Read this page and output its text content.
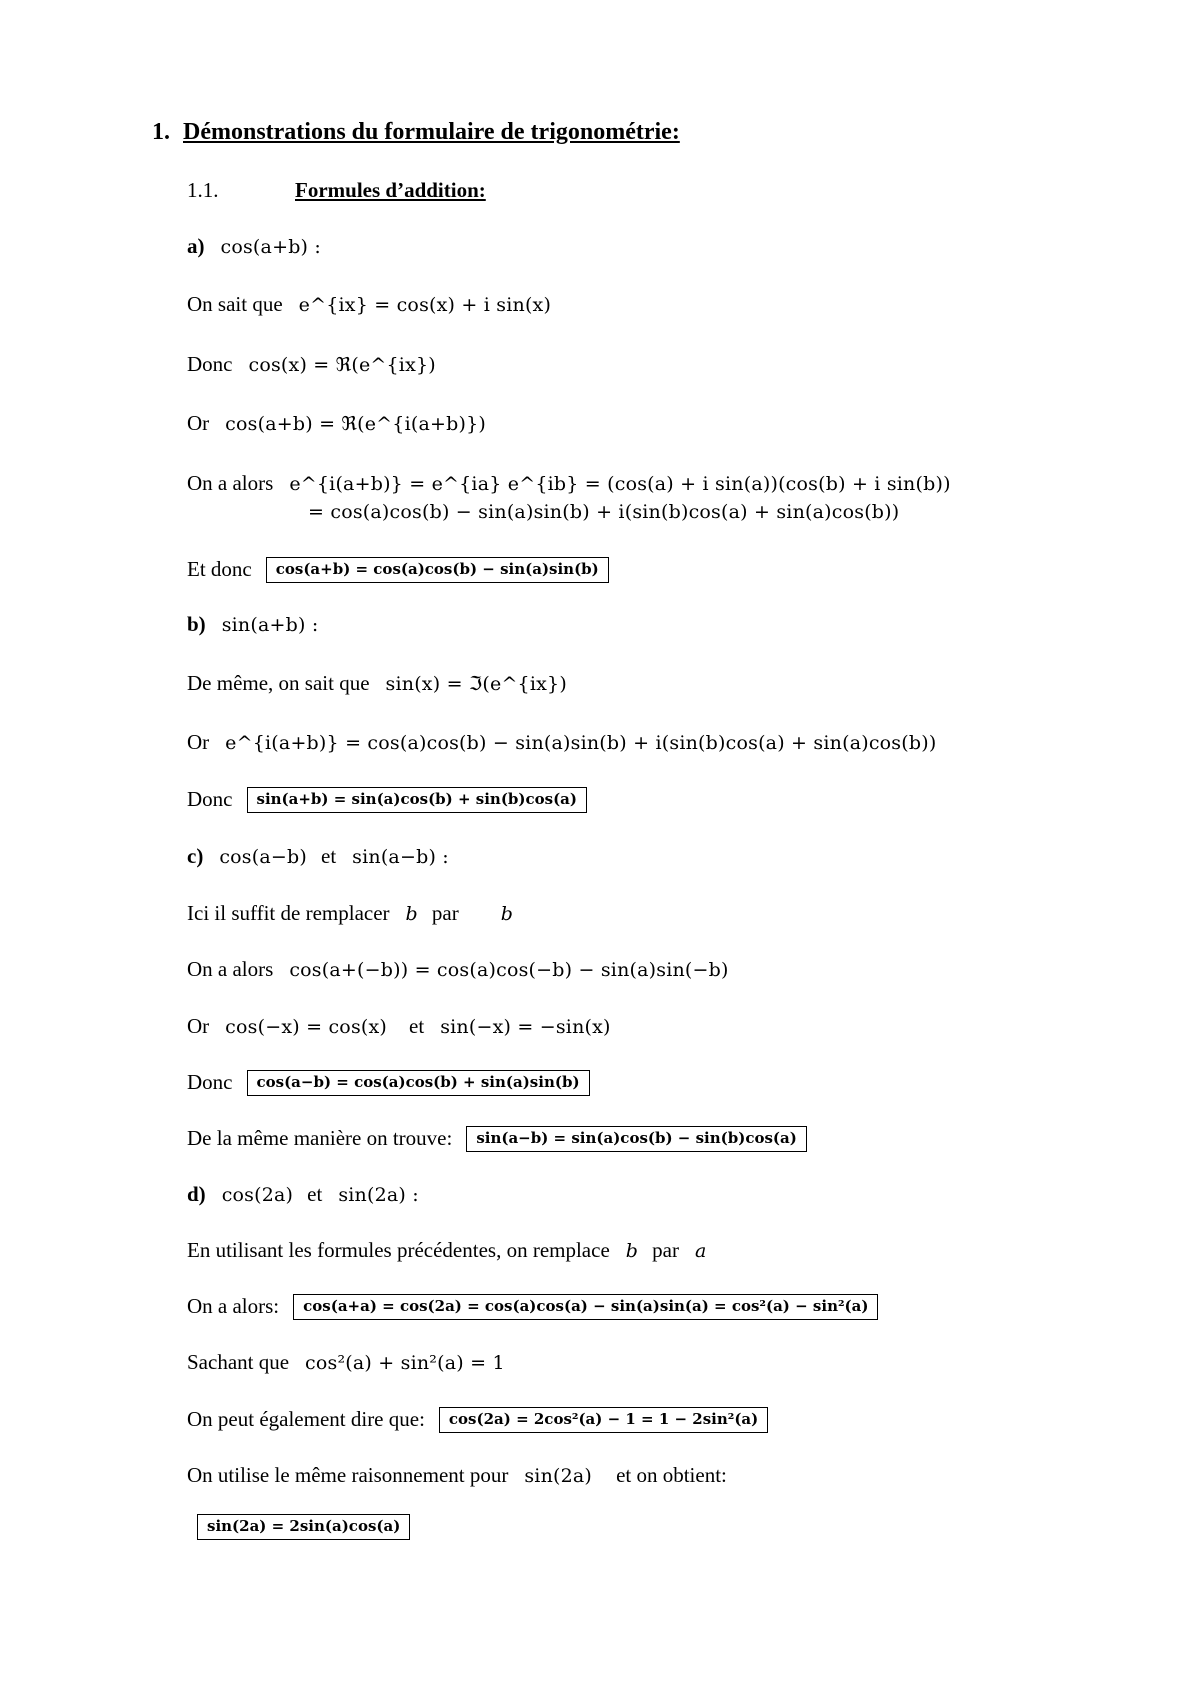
1. Démonstrations du formulaire de trigonométrie:
1.1.	Formules d’addition:
a) cos(a+b) :
On sait que e^{ix} = cos(x) + i sin(x)
Donc cos(x) = ℜ(e^{ix})
Or cos(a+b) = ℜ(e^{i(a+b)})
On a alors e^{i(a+b)} = e^{ia} e^{ib} = (cos(a) + i sin(a))(cos(b) + i sin(b))
= cos(a)cos(b) − sin(a)sin(b) + i(sin(b)cos(a) + sin(a)cos(b))
Et donc cos(a+b) = cos(a)cos(b) − sin(a)sin(b)
b) sin(a+b) :
De même, on sait que sin(x) = ℑ(e^{ix})
Or e^{i(a+b)} = cos(a)cos(b) − sin(a)sin(b) + i(sin(b)cos(a) + sin(a)cos(b))
Donc sin(a+b) = sin(a)cos(b) + sin(b)cos(a)
c) cos(a−b) et sin(a−b) :
Ici il suffit de remplacer b par b
On a alors cos(a+(−b)) = cos(a)cos(−b) − sin(a)sin(−b)
Or cos(−x) = cos(x) et sin(−x) = −sin(x)
Donc cos(a−b) = cos(a)cos(b) + sin(a)sin(b)
De la même manière on trouve: sin(a−b) = sin(a)cos(b) − sin(b)cos(a)
d) cos(2a) et sin(2a) :
En utilisant les formules précédentes, on remplace b par a
On a alors: cos(a+a) = cos(2a) = cos(a)cos(a) − sin(a)sin(a) = cos²(a) − sin²(a)
Sachant que cos²(a) + sin²(a) = 1
On peut également dire que: cos(2a) = 2cos²(a) − 1 = 1 − 2sin²(a)
On utilise le même raisonnement pour sin(2a) et on obtient:
sin(2a) = 2sin(a)cos(a)
